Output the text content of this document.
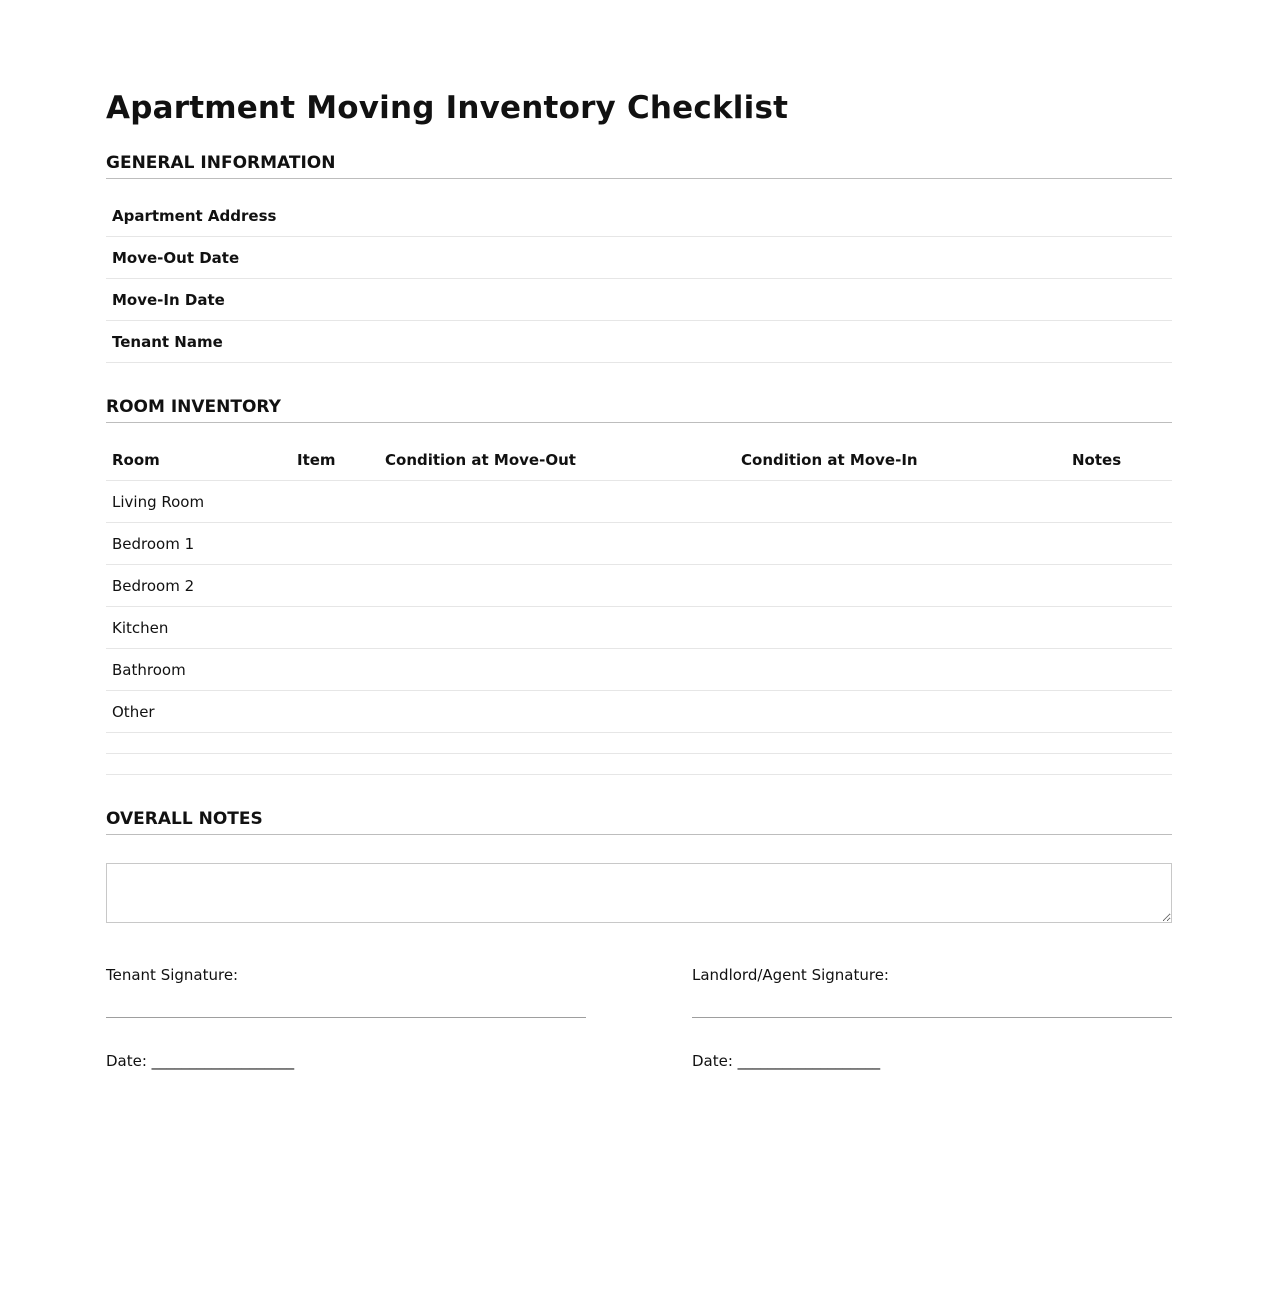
Apartment Moving Inventory Checklist
GENERAL INFORMATION
Apartment Address
Move-Out Date
Move-In Date
Tenant Name
ROOM INVENTORY
Room	Item	Condition at Move-Out	Condition at Move-In	Notes
Living Room				
Bedroom 1				
Bedroom 2				
Kitchen				
Bathroom				
Other				

OVERALL NOTES
Tenant Signature:
Date: ___________________
Landlord/Agent Signature:
Date: ___________________
